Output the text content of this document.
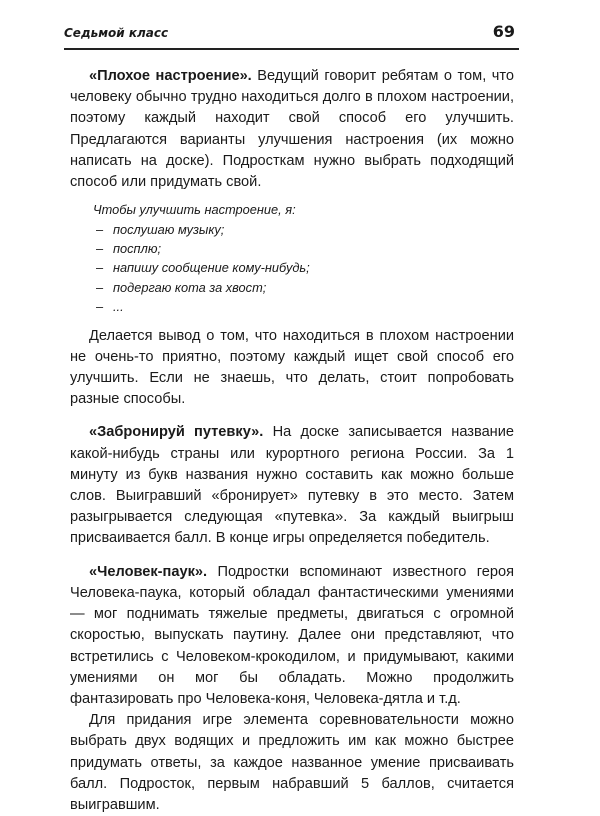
Седьмой класс	69

«Плохое настроение». Ведущий говорит ребятам о том, что человеку обычно трудно находиться долго в плохом настроении, поэтому каждый находит свой способ его улучшить. Предлагаются варианты улучшения настроения (их можно написать на доске). Подросткам нужно выбрать подходящий способ или придумать свой.

Чтобы улучшить настроение, я:
– послушаю музыку;
– посплю;
– напишу сообщение кому-нибудь;
– подергаю кота за хвост;
– ...

Делается вывод о том, что находиться в плохом настроении не очень-то приятно, поэтому каждый ищет свой способ его улучшить. Если не знаешь, что делать, стоит попробовать разные способы.

«Забронируй путевку». На доске записывается название какой-нибудь страны или курортного региона России. За 1 минуту из букв названия нужно составить как можно больше слов. Выигравший «бронирует» путевку в это место. Затем разыгрывается следующая «путевка». За каждый выигрыш присваивается балл. В конце игры определяется победитель.

«Человек-паук». Подростки вспоминают известного героя Человека-паука, который обладал фантастическими умениями — мог поднимать тяжелые предметы, двигаться с огромной скоростью, выпускать паутину. Далее они представляют, что встретились с Человеком-крокодилом, и придумывают, какими умениями он мог бы обладать. Можно продолжить фантазировать про Человека-коня, Человека-дятла и т.д.

Для придания игре элемента соревновательности можно выбрать двух водящих и предложить им как можно быстрее придумать ответы, за каждое названное умение присваивать балл. Подросток, первым набравший 5 баллов, считается выигравшим.
